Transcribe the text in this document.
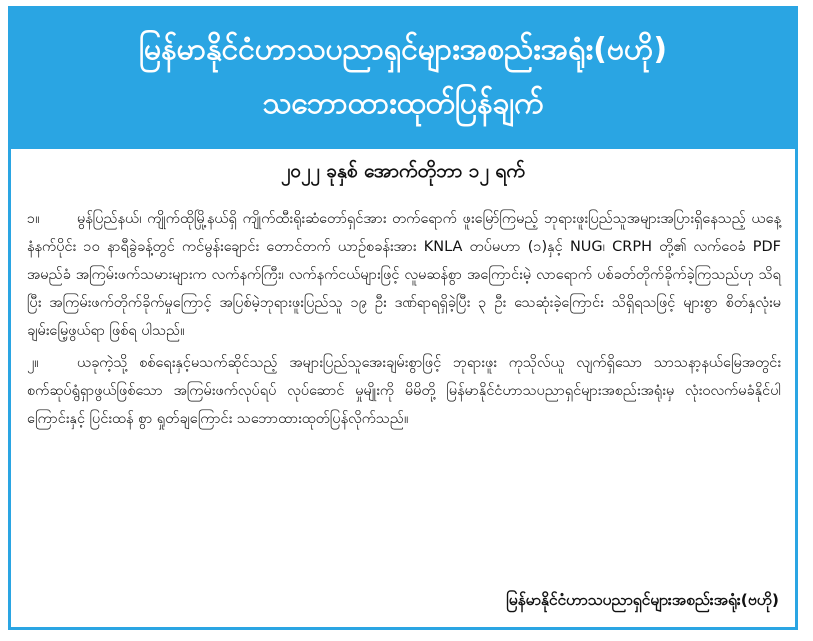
မြန်မာနိုင်ငံဟာသပညာရှင်များအစည်းအရုံး(ဗဟို)
သဘောထားထုတ်ပြန်ချက်
၂၀၂၂ ခုနှစ် အောက်တိုဘာ ၁၂ ရက်

၁။	မွန်ပြည်နယ်၊ ကျိုက်ထိုမြို့နယ်ရှိ ကျိုက်ထီးရိုးဆံတော်ရှင်အား တက်ရောက် ဖူးမြော်ကြမည့် ဘုရားဖူးပြည်သူအများအပြားရှိနေသည့် ယနေ့နံနက်ပိုင်း ၁၀ နာရီခွဲခန့်တွင် ကင်မွန်းချောင်း တောင်တက် ယာဉ်စခန်းအား KNLA တပ်မဟာ (၁)နှင့် NUG၊ CRPH တို့၏ လက်ဝေခံ PDF အမည်ခံ အကြမ်းဖက်သမားများက လက်နက်ကြီး၊ လက်နက်ငယ်များဖြင့် လူမဆန်စွာ အကြောင်းမဲ့ လာရောက် ပစ်ခတ်တိုက်ခိုက်ခဲ့ကြသည်ဟု သိရပြီး အကြမ်းဖက်တိုက်ခိုက်မှုကြောင့် အပြစ်မဲ့ဘုရားဖူးပြည်သူ ၁၉ ဦး ဒဏ်ရာရရှိခဲ့ပြီး ၃ ဦး သေဆုံးခဲ့ကြောင်း သိရှိရသဖြင့် များစွာ စိတ်နှလုံးမချမ်းမြေ့ဖွယ်ရာ ဖြစ်ရ ပါသည်။

၂။	ယခုကဲ့သို့ စစ်ရေးနှင့်မသက်ဆိုင်သည့် အများပြည်သူအေးချမ်းစွာဖြင့် ဘုရားဖူး ကုသိုလ်ယူ လျက်ရှိသော သာသနာ့နယ်မြေအတွင်း စက်ဆုပ်ရွံရှာဖွယ်ဖြစ်သော အကြမ်းဖက်လုပ်ရပ် လုပ်ဆောင် မှုမျိုးကို မိမိတို့ မြန်မာနိုင်ငံဟာသပညာရှင်များအစည်းအရုံးမှ လုံးဝလက်မခံနိုင်ပါကြောင်းနှင့် ပြင်းထန် စွာ ရှုတ်ချကြောင်း သဘောထားထုတ်ပြန်လိုက်သည်။

မြန်မာနိုင်ငံဟာသပညာရှင်များအစည်းအရုံး(ဗဟို)
